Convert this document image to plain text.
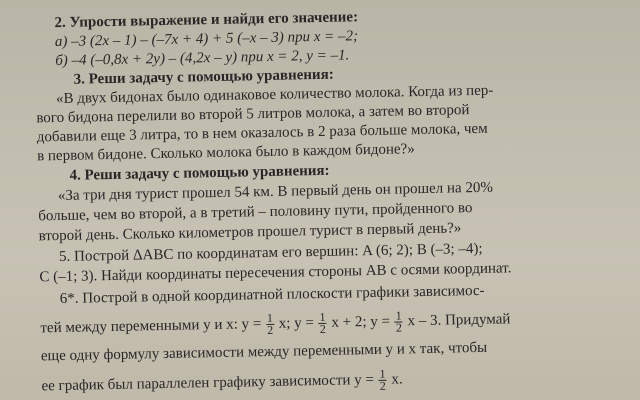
2. Упрости выражение и найди его значение:
а) –3 (2x – 1) – (–7x + 4) + 5 (–x – 3) при x = –2;
б) –4 (–0,8x + 2y) – (4,2x – y) при x = 2, y = –1.
3. Реши задачу с помощью уравнения:
«В двух бидонах было одинаковое количество молока. Когда из пер-
вого бидона перелили во второй 5 литров молока, а затем во второй
добавили еще 3 литра, то в нем оказалось в 2 раза больше молока, чем
в первом бидоне. Сколько молока было в каждом бидоне?»
4. Реши задачу с помощью уравнения:
«За три дня турист прошел 54 км. В первый день он прошел на 20%
больше, чем во второй, а в третий – половину пути, пройденного во
второй день. Сколько километров прошел турист в первый день?»
5. Построй ΔABC по координатам его вершин: A (6; 2); B (–3; –4);
C (–1; 3). Найди координаты пересечения стороны AB с осями координат.
6*. Построй в одной координатной плоскости графики зависимос-
тей между переменными y и x: $y = \frac{1}{2} x$; $y = \frac{1}{2}$ x + 2; $y = \frac{1}{2}$ x – 3. Придумай
еще одну формулу зависимости между переменными y и x так, чтобы
ее график был параллелен графику зависимости $y = \frac{1}{2} x$.
